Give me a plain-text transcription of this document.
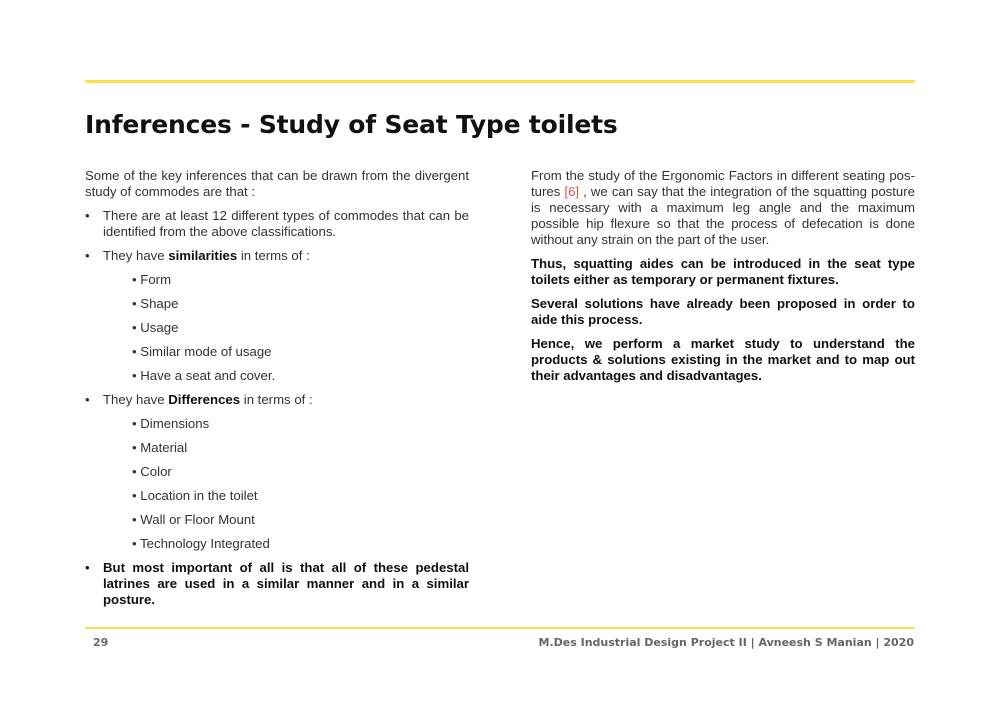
Inferences - Study of Seat Type toilets

Some of the key inferences that can be drawn from the divergent study of commodes are that :

• There are at least 12 different types of commodes that can be identified from the above classifications.
• They have similarities in terms of :
• Form
• Shape
• Usage
• Similar mode of usage
• Have a seat and cover.
• They have Differences in terms of :
• Dimensions
• Material
• Color
• Location in the toilet
• Wall or Floor Mount
• Technology Integrated
• But most important of all is that all of these pedestal latrines are used in a similar manner and in a similar posture.

From the study of the Ergonomic Factors in different seating pos-tures [6] , we can say that the integration of the squatting posture is necessary with a maximum leg angle and the maximum possible hip flexure so that the process of defecation is done without any strain on the part of the user.

Thus, squatting aides can be introduced in the seat type toilets either as temporary or permanent fixtures.

Several solutions have already been proposed in order to aide this process.

Hence, we perform a market study to understand the products & solutions existing in the market and to map out their advantages and disadvantages.

29	M.Des Industrial Design Project II | Avneesh S Manian | 2020
